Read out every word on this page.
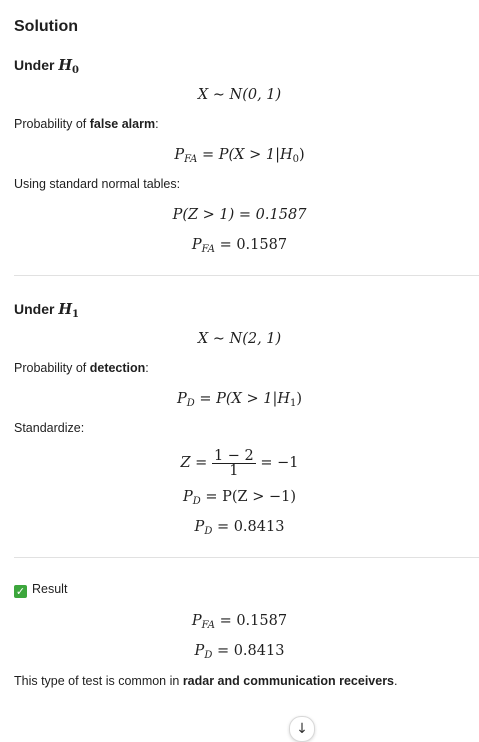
Solution
Under $H_0$
X ∼ N(0, 1)
Probability of false alarm:
$P_{FA} = P(X > 1|H_0)$
Using standard normal tables:
P(Z > 1) = 0.1587
$P_{FA} = 0.1587$
Under $H_1$
X ∼ N(2, 1)
Probability of detection:
$P_D = P(X > 1|H_1)$
Standardize:
$Z = \frac{1 - 2}{1} = -1$
$P_D = P(Z > -1)$
$P_D = 0.8413$
✓ Result
$P_{FA} = 0.1587$
$P_D = 0.8413$
This type of test is common in radar and communication receivers.
↓
